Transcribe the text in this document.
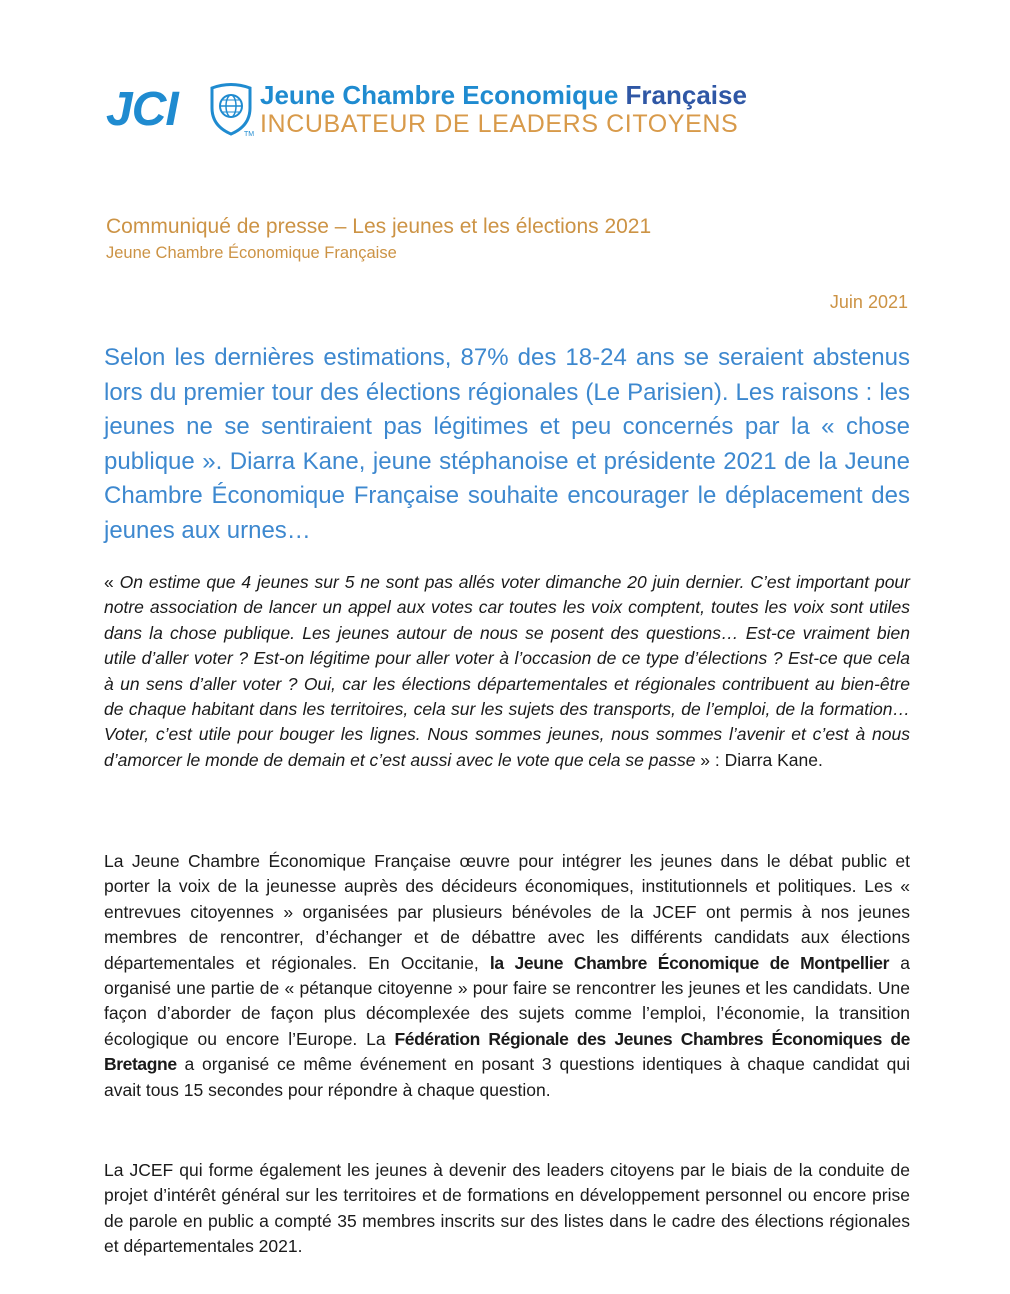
JCI	TM
Jeune Chambre Economique Française
INCUBATEUR DE LEADERS CITOYENS
Communiqué de presse – Les jeunes et les élections 2021
Jeune Chambre Économique Française
Juin 2021

Selon les dernières estimations, 87% des 18-24 ans se seraient abstenus lors du premier tour des élections régionales (Le Parisien). Les raisons : les jeunes ne se sentiraient pas légitimes et peu concernés par la « chose publique ». Diarra Kane, jeune stéphanoise et présidente 2021 de la Jeune Chambre Économique Française souhaite encourager le déplacement des jeunes aux urnes…

« On estime que 4 jeunes sur 5 ne sont pas allés voter dimanche 20 juin dernier. C’est important pour notre association de lancer un appel aux votes car toutes les voix comptent, toutes les voix sont utiles dans la chose publique. Les jeunes autour de nous se posent des questions… Est-ce vraiment bien utile d’aller voter ? Est-on légitime pour aller voter à l’occasion de ce type d’élections ? Est-ce que cela à un sens d’aller voter ? Oui, car les élections départementales et régionales contribuent au bien-être de chaque habitant dans les territoires, cela sur les sujets des transports, de l’emploi, de la formation… Voter, c’est utile pour bouger les lignes. Nous sommes jeunes, nous sommes l’avenir et c’est à nous d’amorcer le monde de demain et c’est aussi avec le vote que cela se passe » : Diarra Kane.

La Jeune Chambre Économique Française œuvre pour intégrer les jeunes dans le débat public et porter la voix de la jeunesse auprès des décideurs économiques, institutionnels et politiques. Les « entrevues citoyennes » organisées par plusieurs bénévoles de la JCEF ont permis à nos jeunes membres de rencontrer, d’échanger et de débattre avec les différents candidats aux élections départementales et régionales. En Occitanie, la Jeune Chambre Économique de Montpellier a organisé une partie de « pétanque citoyenne » pour faire se rencontrer les jeunes et les candidats. Une façon d’aborder de façon plus décomplexée des sujets comme l’emploi, l’économie, la transition écologique ou encore l’Europe. La Fédération Régionale des Jeunes Chambres Économiques de Bretagne a organisé ce même événement en posant 3 questions identiques à chaque candidat qui avait tous 15 secondes pour répondre à chaque question.

La JCEF qui forme également les jeunes à devenir des leaders citoyens par le biais de la conduite de projet d’intérêt général sur les territoires et de formations en développement personnel ou encore prise de parole en public a compté 35 membres inscrits sur des listes dans le cadre des élections régionales et départementales 2021.
